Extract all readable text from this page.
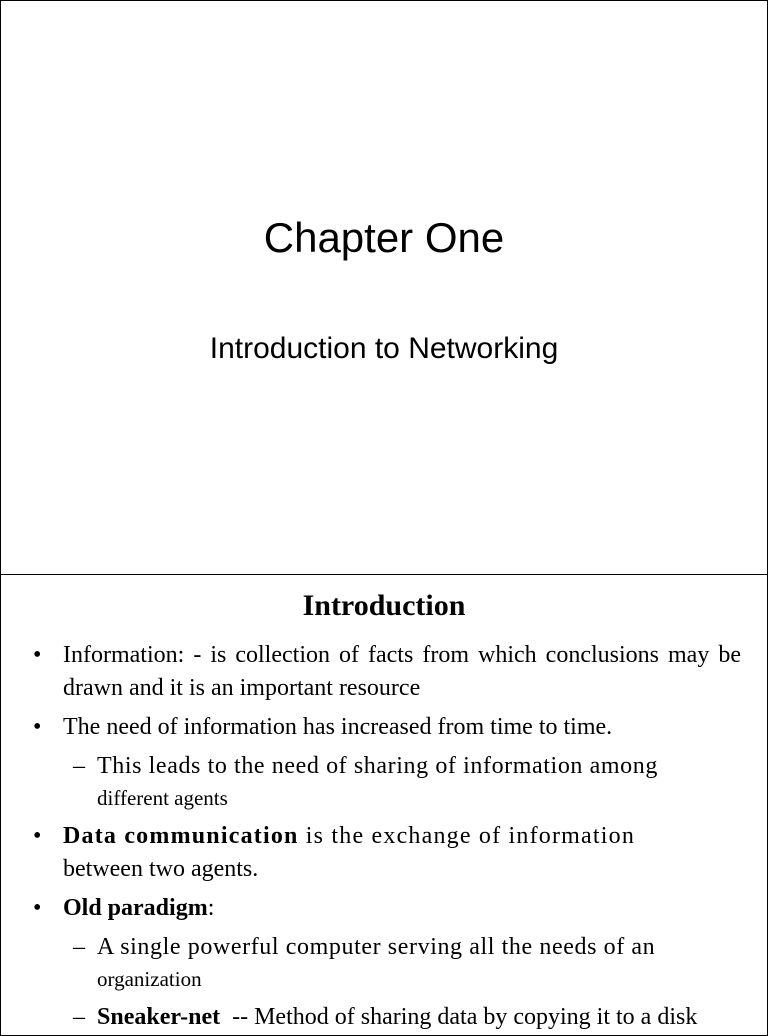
Chapter One
Introduction to Networking
Introduction
• Information: - is collection of facts from which conclusions may be drawn and it is an important resource
• The need of information has increased from time to time.
– This leads to the need of sharing of information among
different agents
• Data communication is the exchange of information
between two agents.
• Old paradigm:
– A single powerful computer serving all the needs of an
organization
– Sneaker-net  -- Method of sharing data by copying it to a disk
